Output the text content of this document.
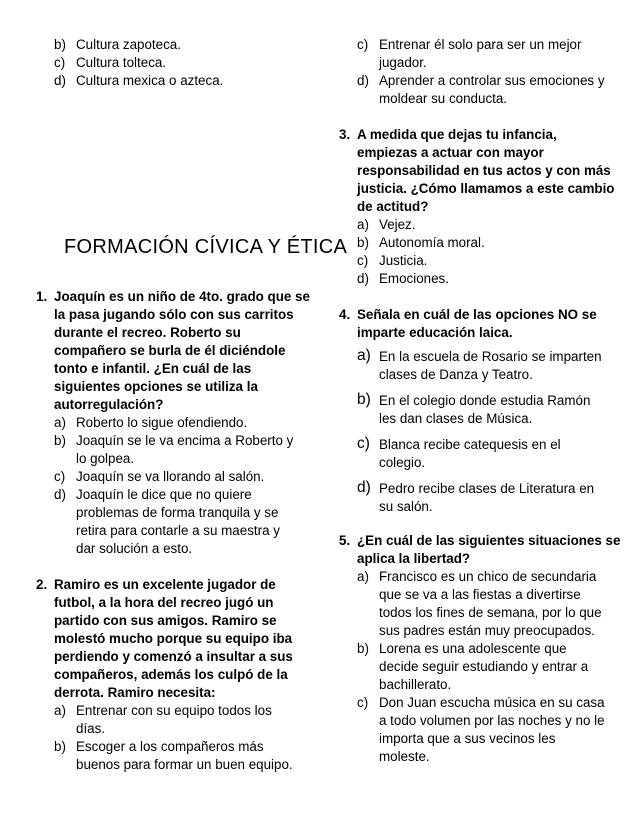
b) Cultura zapoteca.
c) Cultura tolteca.
d) Cultura mexica o azteca.
FORMACIÓN CÍVICA Y ÉTICA
1. Joaquín es un niño de 4to. grado que se
la pasa jugando sólo con sus carritos
durante el recreo. Roberto su
compañero se burla de él diciéndole
tonto e infantil. ¿En cuál de las
siguientes opciones se utiliza la
autorregulación?
a) Roberto lo sigue ofendiendo.
b) Joaquín se le va encima a Roberto y
lo golpea.
c) Joaquín se va llorando al salón.
d) Joaquín le dice que no quiere
problemas de forma tranquila y se
retira para contarle a su maestra y
dar solución a esto.
2. Ramiro es un excelente jugador de
futbol, a la hora del recreo jugó un
partido con sus amigos. Ramiro se
molestó mucho porque su equipo iba
perdiendo y comenzó a insultar a sus
compañeros, además los culpó de la
derrota. Ramiro necesita:
a) Entrenar con su equipo todos los
días.
b) Escoger a los compañeros más
buenos para formar un buen equipo.
c) Entrenar él solo para ser un mejor
jugador.
d) Aprender a controlar sus emociones y
moldear su conducta.
3. A medida que dejas tu infancia,
empiezas a actuar con mayor
responsabilidad en tus actos y con más
justicia. ¿Cómo llamamos a este cambio
de actitud?
a) Vejez.
b) Autonomía moral.
c) Justicia.
d) Emociones.
4. Señala en cuál de las opciones NO se
imparte educación laica.
a) En la escuela de Rosario se imparten
clases de Danza y Teatro.
b) En el colegio donde estudia Ramón
les dan clases de Música.
c) Blanca recibe catequesis en el
colegio.
d) Pedro recibe clases de Literatura en
su salón.
5. ¿En cuál de las siguientes situaciones se
aplica la libertad?
a) Francisco es un chico de secundaria
que se va a las fiestas a divertirse
todos los fines de semana, por lo que
sus padres están muy preocupados.
b) Lorena es una adolescente que
decide seguir estudiando y entrar a
bachillerato.
c) Don Juan escucha música en su casa
a todo volumen por las noches y no le
importa que a sus vecinos les
moleste.
